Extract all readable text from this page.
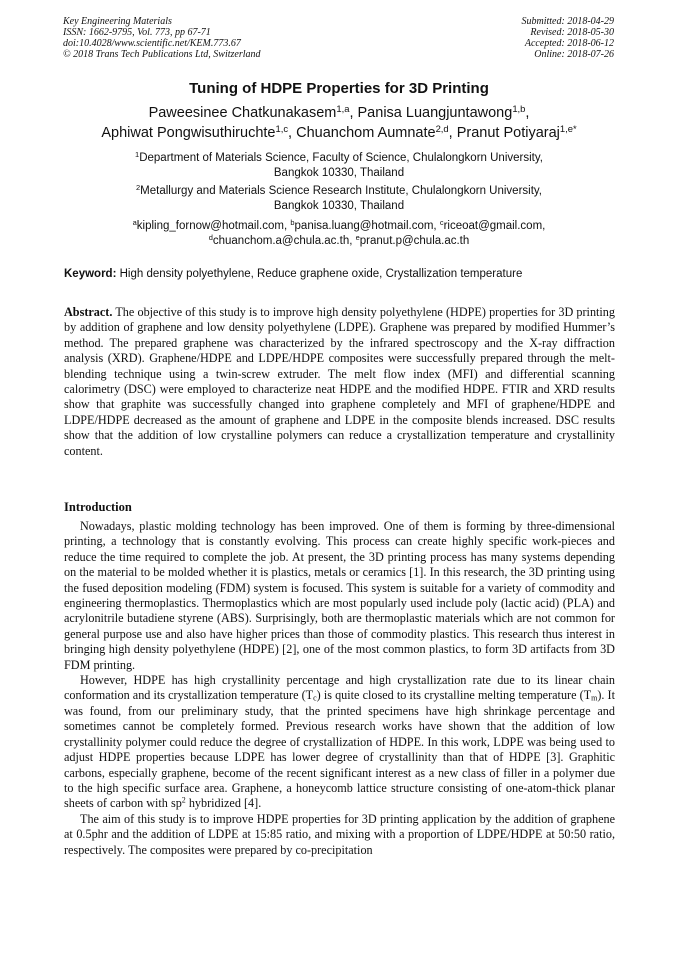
Key Engineering Materials
ISSN: 1662-9795, Vol. 773, pp 67-71
doi:10.4028/www.scientific.net/KEM.773.67
© 2018 Trans Tech Publications Ltd, Switzerland
Submitted: 2018-04-29
Revised: 2018-05-30
Accepted: 2018-06-12
Online: 2018-07-26
Tuning of HDPE Properties for 3D Printing
Paweesinee Chatkunakasem$^{1,a}$, Panisa Luangjuntawong$^{1,b}$,
Aphiwat Pongwisuthiruchte$^{1,c}$, Chuanchom Aumnate$^{2,d}$, Pranut Potiyaraj$^{1,e*}$
$^1$Department of Materials Science, Faculty of Science, Chulalongkorn University,
Bangkok 10330, Thailand
$^2$Metallurgy and Materials Science Research Institute, Chulalongkorn University,
Bangkok 10330, Thailand
$^a$kipling_fornow@hotmail.com, $^b$panisa.luang@hotmail.com, $^c$riceoat@gmail.com,
$^d$chuanchom.a@chula.ac.th, $^e$pranut.p@chula.ac.th
Keyword: High density polyethylene, Reduce graphene oxide, Crystallization temperature
Abstract. The objective of this study is to improve high density polyethylene (HDPE) properties for 3D printing by addition of graphene and low density polyethylene (LDPE). Graphene was prepared by modified Hummer’s method. The prepared graphene was characterized by the infrared spectroscopy and the X-ray diffraction analysis (XRD). Graphene/HDPE and LDPE/HDPE composites were successfully prepared through the melt-blending technique using a twin-screw extruder. The melt flow index (MFI) and differential scanning calorimetry (DSC) were employed to characterize neat HDPE and the modified HDPE. FTIR and XRD results show that graphite was successfully changed into graphene completely and MFI of graphene/HDPE and LDPE/HDPE decreased as the amount of graphene and LDPE in the composite blends increased. DSC results show that the addition of low crystalline polymers can reduce a crystallization temperature and crystallinity content.
Introduction

Nowadays, plastic molding technology has been improved. One of them is forming by three-dimensional printing, a technology that is constantly evolving. This process can create highly specific work-pieces and reduce the time required to complete the job. At present, the 3D printing process has many systems depending on the material to be molded whether it is plastics, metals or ceramics [1]. In this research, the 3D printing using the fused deposition modeling (FDM) system is focused. This system is suitable for a variety of commodity and engineering thermoplastics. Thermoplastics which are most popularly used include poly (lactic acid) (PLA) and acrylonitrile butadiene styrene (ABS). Surprisingly, both are thermoplastic materials which are not common for general purpose use and also have higher prices than those of commodity plastics. This research thus interest in bringing high density polyethylene (HDPE) [2], one of the most common plastics, to form 3D artifacts from 3D FDM printing.

However, HDPE has high crystallinity percentage and high crystallization rate due to its linear chain conformation and its crystallization temperature $(T_c)$ is quite closed to its crystalline melting temperature $(T_m)$. It was found, from our preliminary study, that the printed specimens have high shrinkage percentage and sometimes cannot be completely formed. Previous research works have shown that the addition of low crystallinity polymer could reduce the degree of crystallization of HDPE. In this work, LDPE was being used to adjust HDPE properties because LDPE has lower degree of crystallinity than that of HDPE [3]. Graphitic carbons, especially graphene, become of the recent significant interest as a new class of filler in a polymer due to the high specific surface area. Graphene, a honeycomb lattice structure consisting of one-atom-thick planar sheets of carbon with $sp^2$ hybridized [4].

The aim of this study is to improve HDPE properties for 3D printing application by the addition of graphene at 0.5phr and the addition of LDPE at 15:85 ratio, and mixing with a proportion of LDPE/HDPE at 50:50 ratio, respectively. The composites were prepared by co-precipitation
